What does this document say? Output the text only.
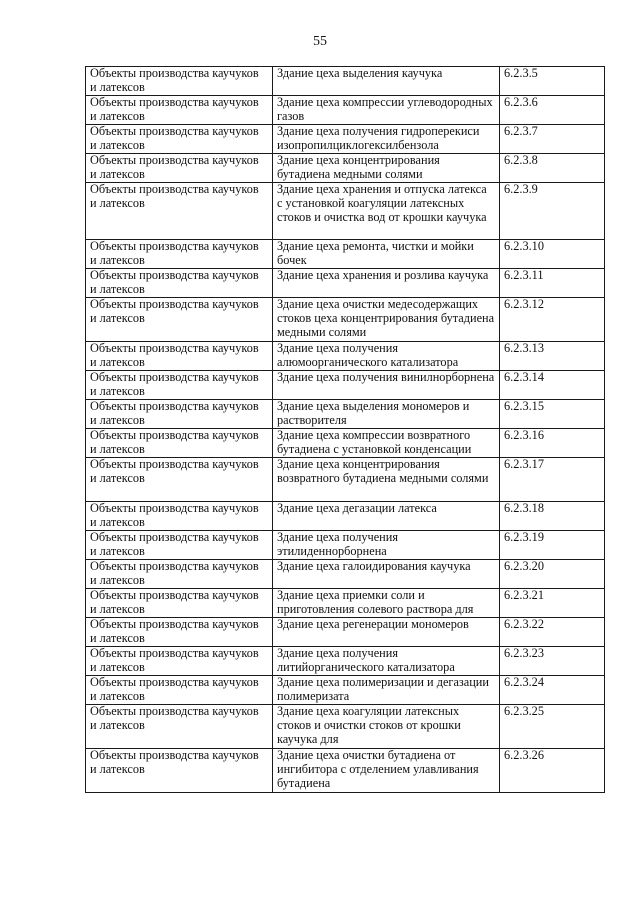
55
Объекты производства каучуков и латексов	Здание цеха выделения каучука	6.2.3.5
Объекты производства каучуков и латексов	Здание цеха компрессии углеводородных газов	6.2.3.6
Объекты производства каучуков и латексов	Здание цеха получения гидроперекиси изопропилциклогексилбензола	6.2.3.7
Объекты производства каучуков и латексов	Здание цеха концентрирования бутадиена медными солями	6.2.3.8
Объекты производства каучуков и латексов	Здание цеха хранения и отпуска латекса с установкой коагуляции латексных стоков и очистка вод от крошки каучука	6.2.3.9
Объекты производства каучуков и латексов	Здание цеха ремонта, чистки и мойки бочек	6.2.3.10
Объекты производства каучуков и латексов	Здание цеха хранения и розлива каучука	6.2.3.11
Объекты производства каучуков и латексов	Здание цеха очистки медесодержащих стоков цеха концентрирования бутадиена медными солями	6.2.3.12
Объекты производства каучуков и латексов	Здание цеха получения алюмоорганического катализатора	6.2.3.13
Объекты производства каучуков и латексов	Здание цеха получения винилнорборнена	6.2.3.14
Объекты производства каучуков и латексов	Здание цеха выделения мономеров и растворителя	6.2.3.15
Объекты производства каучуков и латексов	Здание цеха компрессии возвратного бутадиена с установкой конденсации	6.2.3.16
Объекты производства каучуков и латексов	Здание цеха концентрирования возвратного бутадиена медными солями	6.2.3.17
Объекты производства каучуков и латексов	Здание цеха дегазации латекса	6.2.3.18
Объекты производства каучуков и латексов	Здание цеха получения этилиденнорборнена	6.2.3.19
Объекты производства каучуков и латексов	Здание цеха галоидирования каучука	6.2.3.20
Объекты производства каучуков и латексов	Здание цеха приемки соли и приготовления солевого раствора для	6.2.3.21
Объекты производства каучуков и латексов	Здание цеха регенерации мономеров	6.2.3.22
Объекты производства каучуков и латексов	Здание цеха получения литийорганического катализатора	6.2.3.23
Объекты производства каучуков и латексов	Здание цеха полимеризации и дегазации полимеризата	6.2.3.24
Объекты производства каучуков и латексов	Здание цеха коагуляции латексных стоков и очистки стоков от крошки каучука для	6.2.3.25
Объекты производства каучуков и латексов	Здание цеха очистки бутадиена от ингибитора с отделением улавливания бутадиена	6.2.3.26
